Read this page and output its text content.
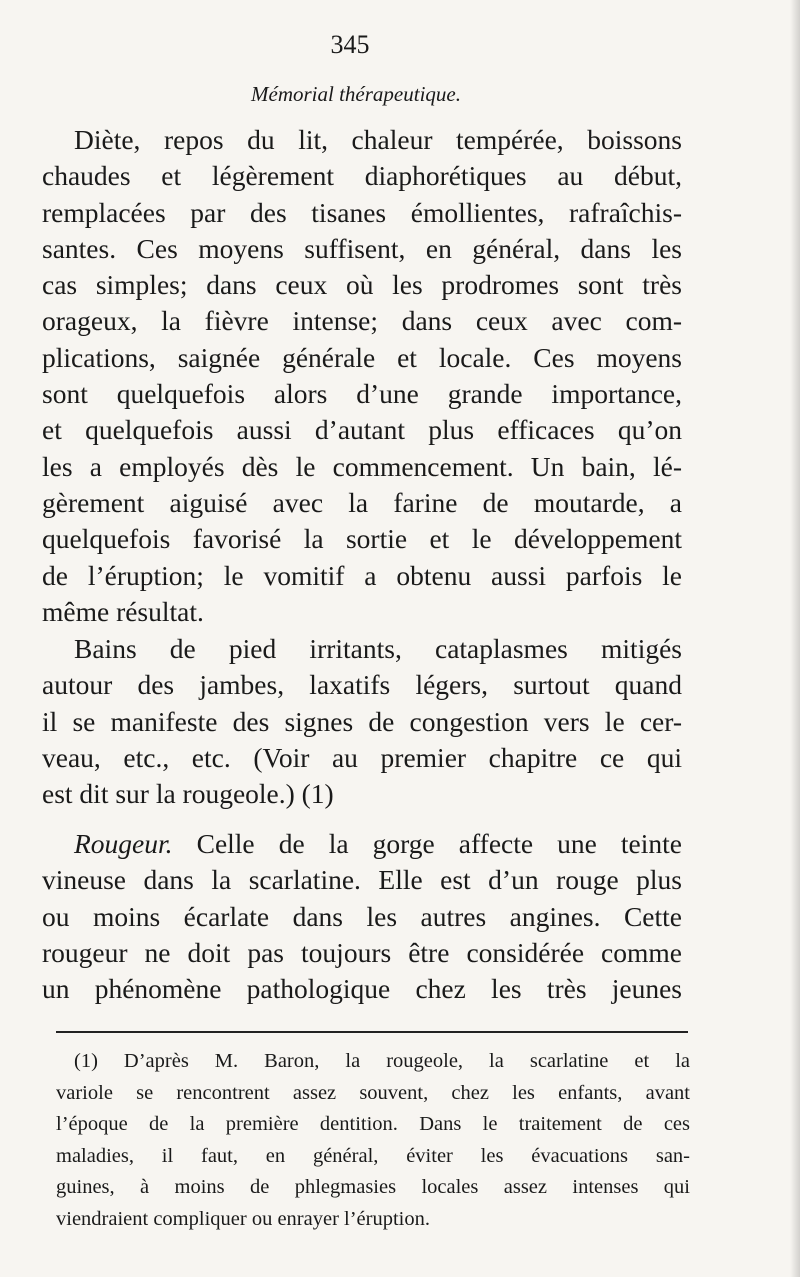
345
Mémorial thérapeutique.
Diète, repos du lit, chaleur tempérée, boissons
chaudes et légèrement diaphorétiques au début,
remplacées par des tisanes émollientes, rafraîchis-
santes. Ces moyens suffisent, en général, dans les
cas simples; dans ceux où les prodromes sont très
orageux, la fièvre intense; dans ceux avec com-
plications, saignée générale et locale. Ces moyens
sont quelquefois alors d’une grande importance,
et quelquefois aussi d’autant plus efficaces qu’on
les a employés dès le commencement. Un bain, lé-
gèrement aiguisé avec la farine de moutarde, a
quelquefois favorisé la sortie et le développement
de l’éruption; le vomitif a obtenu aussi parfois le
même résultat.
Bains de pied irritants, cataplasmes mitigés
autour des jambes, laxatifs légers, surtout quand
il se manifeste des signes de congestion vers le cer-
veau, etc., etc. (Voir au premier chapitre ce qui
est dit sur la rougeole.) (1)
Rougeur. Celle de la gorge affecte une teinte
vineuse dans la scarlatine. Elle est d’un rouge plus
ou moins écarlate dans les autres angines. Cette
rougeur ne doit pas toujours être considérée comme
un phénomène pathologique chez les très jeunes
(1) D’après M. Baron, la rougeole, la scarlatine et la
variole se rencontrent assez souvent, chez les enfants, avant
l’époque de la première dentition. Dans le traitement de ces
maladies, il faut, en général, éviter les évacuations san-
guines, à moins de phlegmasies locales assez intenses qui
viendraient compliquer ou enrayer l’éruption.
